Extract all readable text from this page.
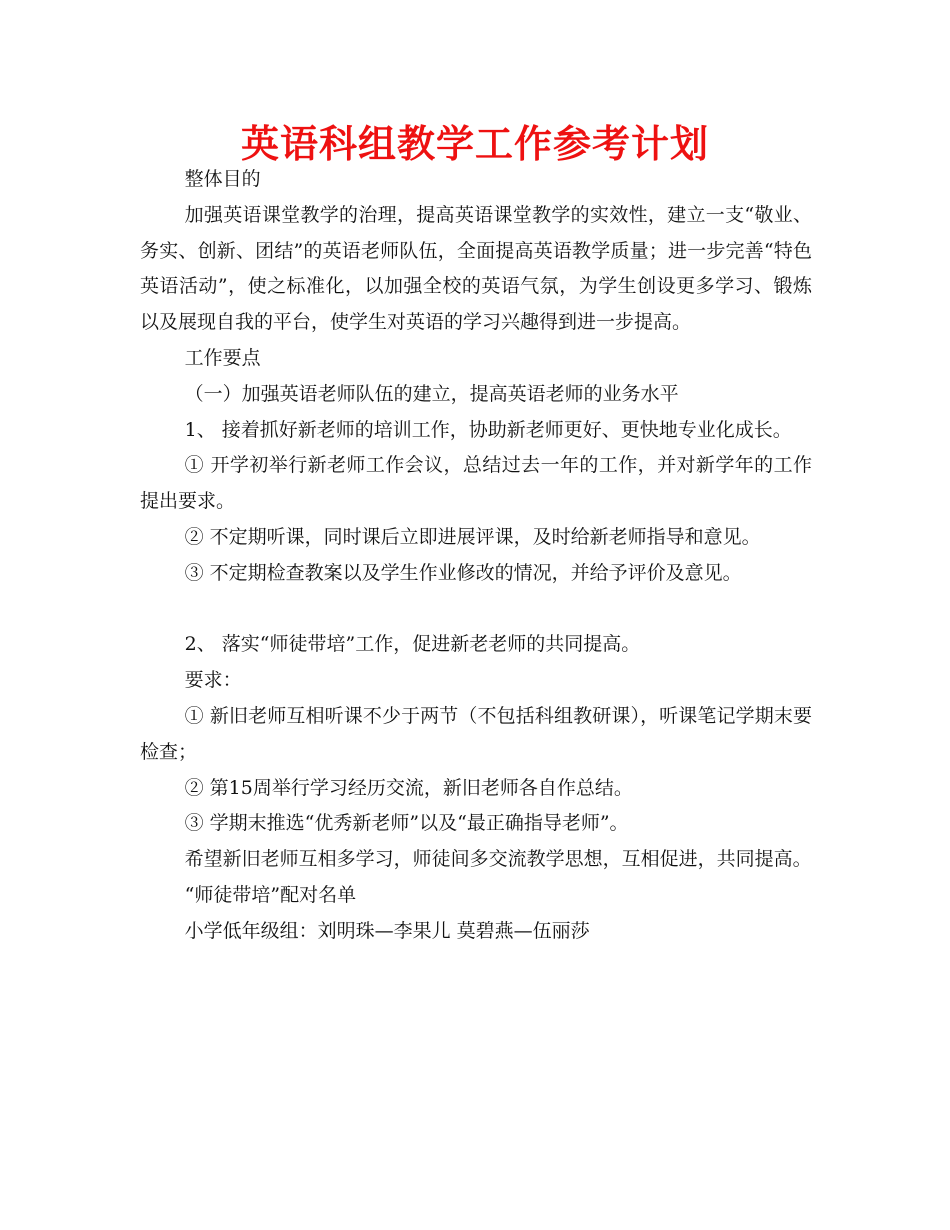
英语科组教学工作参考计划

整体目的

加强英语课堂教学的治理，提高英语课堂教学的实效性，建立一支“敬业、务实、创新、团结”的英语老师队伍，全面提高英语教学质量；进一步完善“特色英语活动”，使之标准化，以加强全校的英语气氛，为学生创设更多学习、锻炼以及展现自我的平台，使学生对英语的学习兴趣得到进一步提高。

工作要点

（一）加强英语老师队伍的建立，提高英语老师的业务水平

1、 接着抓好新老师的培训工作，协助新老师更好、更快地专业化成长。

① 开学初举行新老师工作会议，总结过去一年的工作，并对新学年的工作提出要求。

② 不定期听课，同时课后立即进展评课，及时给新老师指导和意见。

③ 不定期检查教案以及学生作业修改的情况，并给予评价及意见。

2、 落实“师徒带培”工作，促进新老老师的共同提高。

要求：

① 新旧老师互相听课不少于两节（不包括科组教研课），听课笔记学期末要检查；

② 第15周举行学习经历交流，新旧老师各自作总结。

③ 学期末推选“优秀新老师”以及“最正确指导老师”。

希望新旧老师互相多学习，师徒间多交流教学思想，互相促进，共同提高。

“师徒带培”配对名单

小学低年级组：刘明珠—李果儿 莫碧燕—伍丽莎
